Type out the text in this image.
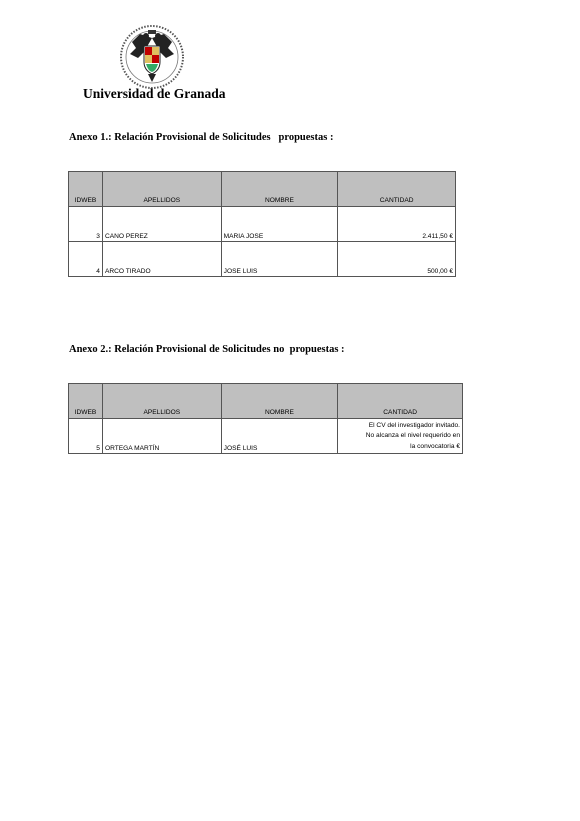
Universidad de Granada
Anexo 1.: Relación Provisional de Solicitudes   propuestas :
IDWEB	APELLIDOS	NOMBRE	CANTIDAD
3	CANO PEREZ	MARIA JOSE	2.411,50 €
4	ARCO TIRADO	JOSE LUIS	500,00 €
Anexo 2.: Relación Provisional de Solicitudes no  propuestas :
IDWEB	APELLIDOS	NOMBRE	CANTIDAD
5	ORTEGA MARTÍN	JOSÉ LUIS	El CV del investigador invitado.
No alcanza el nivel requerido en
la convocatoria €
